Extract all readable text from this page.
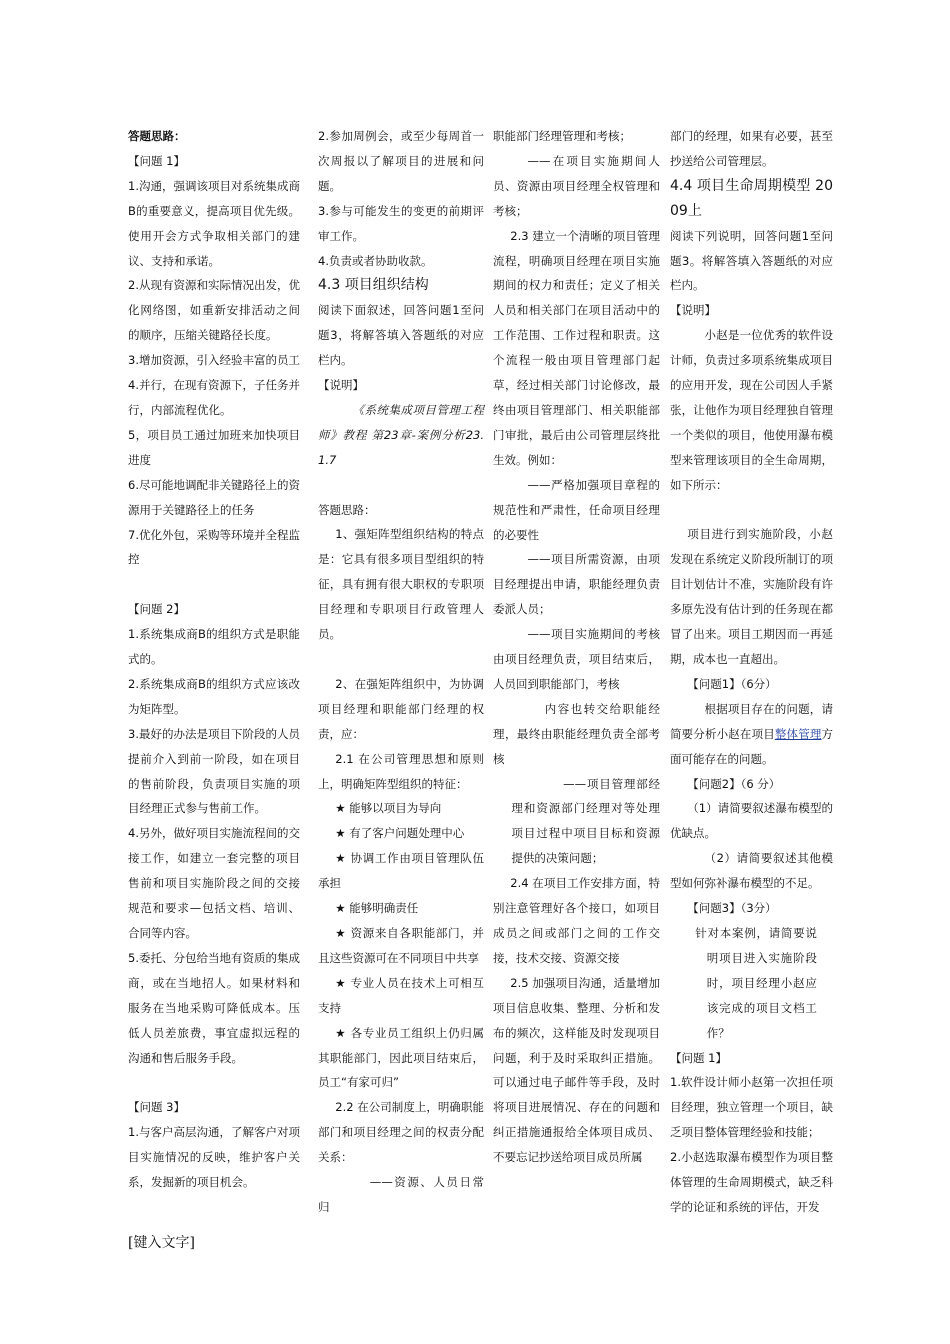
答题思路：

【问题 1】

1.沟通，强调该项目对系统集成商B的重要意义，提高项目优先级。使用开会方式争取相关部门的建议、支持和承诺。

2.从现有资源和实际情况出发，优化网络图，如重新安排活动之间的顺序，压缩关键路径长度。

3.增加资源，引入经验丰富的员工

4.并行，在现有资源下，子任务并行，内部流程优化。

5，项目员工通过加班来加快项目进度

6.尽可能地调配非关键路径上的资源用于关键路径上的任务

7.优化外包，采购等环境并全程监控

【问题 2】

1.系统集成商B的组织方式是职能式的。

2.系统集成商B的组织方式应该改为矩阵型。

3.最好的办法是项目下阶段的人员提前介入到前一阶段，如在项目的售前阶段，负责项目实施的项目经理正式参与售前工作。

4.另外，做好项目实施流程间的交接工作，如建立一套完整的项目售前和项目实施阶段之间的交接规范和要求—包括文档、培训、合同等内容。

5.委托、分包给当地有资质的集成商，或在当地招人。如果材料和服务在当地采购可降低成本。压低人员差旅费，事宜虚拟远程的沟通和售后服务手段。

【问题 3】

1.与客户高层沟通，了解客户对项目实施情况的反映，维护客户关系，发掘新的项目机会。

2.参加周例会，或至少每周首一次周报以了解项目的进展和问题。

3.参与可能发生的变更的前期评审工作。

4.负责或者协助收款。

4.3 项目组织结构

阅读下面叙述，回答问题1至问题3，将解答填入答题纸的对应栏内。

【说明】

《系统集成项目管理工程师》教程 第23章-案例分析23.1.7

答题思路：

1、强矩阵型组织结构的特点是：它具有很多项目型组织的特征，具有拥有很大职权的专职项目经理和专职项目行政管理人员。

2、在强矩阵组织中，为协调项目经理和职能部门经理的权责，应：

2.1 在公司管理思想和原则上，明确矩阵型组织的特征：

★ 能够以项目为导向

★ 有了客户问题处理中心

★ 协调工作由项目管理队伍承担

★ 能够明确责任

★ 资源来自各职能部门，并且这些资源可在不同项目中共享

★ 专业人员在技术上可相互支持

★ 各专业员工组织上仍归属其职能部门，因此项目结束后，员工“有家可归”

2.2 在公司制度上，明确职能部门和项目经理之间的权责分配关系：

——资源、人员日常归

职能部门经理管理和考核；

——在项目实施期间人员、资源由项目经理全权管理和考核；

2.3 建立一个清晰的项目管理流程，明确项目经理在项目实施期间的权力和责任；定义了相关人员和相关部门在项目活动中的工作范围、工作过程和职责。这个流程一般由项目管理部门起草，经过相关部门讨论修改，最终由项目管理部门、相关职能部门审批，最后由公司管理层终批生效。例如：

——严格加强项目章程的规范性和严肃性，任命项目经理的必要性

——项目所需资源，由项目经理提出申请，职能经理负责委派人员；

——项目实施期间的考核由项目经理负责，项目结束后，人员回到职能部门，考核

内容也转交给职能经理，最终由职能经理负责全部考核

——项目管理部经理和资源部门经理对等处理项目过程中项目目标和资源提供的决策问题；

2.4 在项目工作安排方面，特别注意管理好各个接口，如项目成员之间或部门之间的工作交接，技术交接、资源交接

2.5 加强项目沟通，适量增加项目信息收集、整理、分析和发布的频次，这样能及时发现项目问题，利于及时采取纠正措施。可以通过电子邮件等手段，及时将项目进展情况、存在的问题和纠正措施通报给全体项目成员、不要忘记抄送给项目成员所属

部门的经理，如果有必要，甚至抄送给公司管理层。

4.4 项目生命周期模型 2009上

阅读下列说明，回答问题1至问题3。将解答填入答题纸的对应栏内。

【说明】

小赵是一位优秀的软件设计师，负责过多项系统集成项目的应用开发，现在公司因人手紧张，让他作为项目经理独自管理一个类似的项目，他使用瀑布模型来管理该项目的全生命周期，如下所示：

项目进行到实施阶段，小赵发现在系统定义阶段所制订的项目计划估计不准，实施阶段有许多原先没有估计到的任务现在都冒了出来。项目工期因而一再延期，成本也一直超出。

【问题1】（6分）

根据项目存在的问题，请简要分析小赵在项目整体管理方面可能存在的问题。

【问题2】（6 分）

（1）请简要叙述瀑布模型的优缺点。

（2）请简要叙述其他模型如何弥补瀑布模型的不足。

【问题3】（3分）

针对本案例，请简要说明项目进入实施阶段时，项目经理小赵应该完成的项目文档工作？

【问题 1】

1.软件设计师小赵第一次担任项目经理，独立管理一个项目，缺乏项目整体管理经验和技能；

2.小赵选取瀑布模型作为项目整体管理的生命周期模式，缺乏科学的论证和系统的评估，开发

[键入文字]
